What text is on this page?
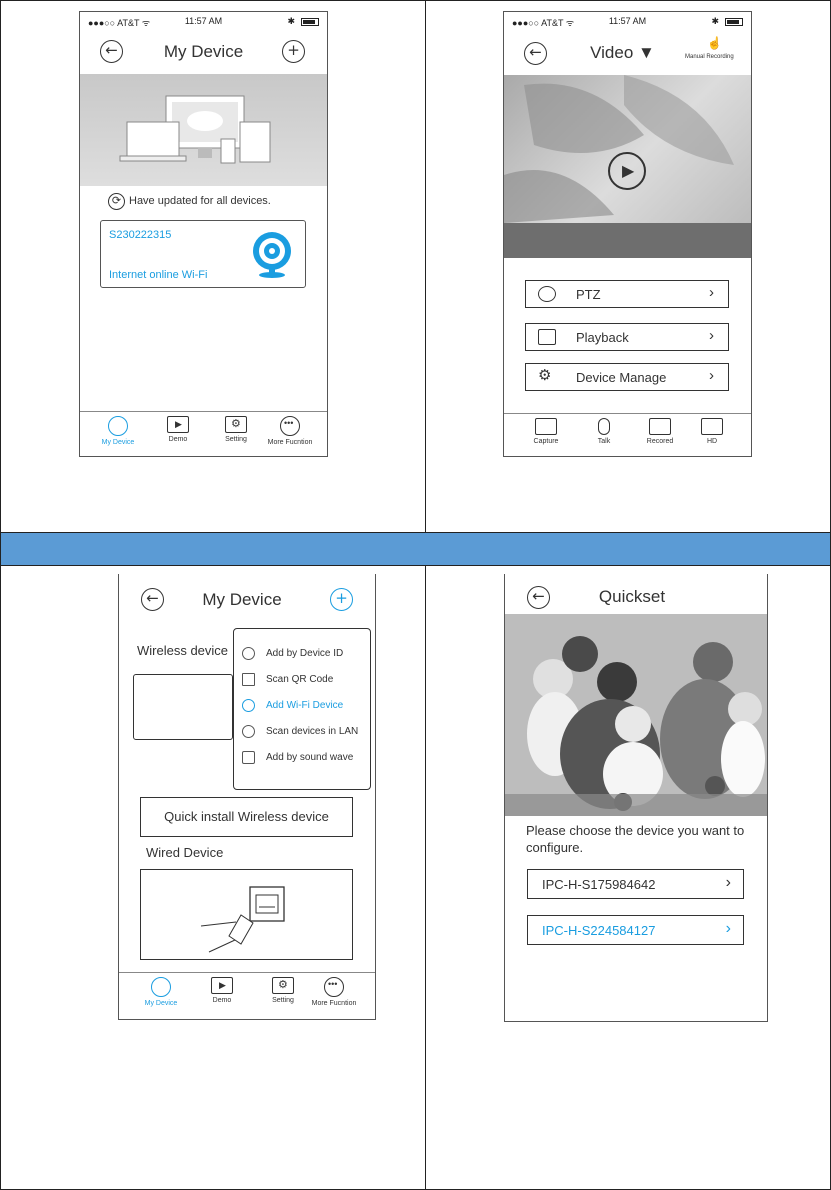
●●●○○ AT&T ᯤ	11:57 AM	✱
←	My Device	+
⟳ Have updated for all devices.
S230222315
Internet online Wi-Fi
My Device
▶
Demo
⚙
Setting
•••
More Fucntion
●●●○○ AT&T ᯤ	11:57 AM	✱
←	Video ▼	☝
Manual Recording
▶
PTZ	›
Playback	›
⚙	Device Manage	›
Capture	Talk	Recored	HD
←	My Device	+
Wireless device	Add by Device ID
Scan QR Code
Add Wi-Fi Device
Scan devices in LAN
Add by sound wave
Quick install Wireless device
Wired Device
My Device
▶
Demo
⚙
Setting
•••
More Fucntion
←	Quickset
Please choose the device you want to configure.
IPC-H-S175984642	›
IPC-H-S224584127	›
